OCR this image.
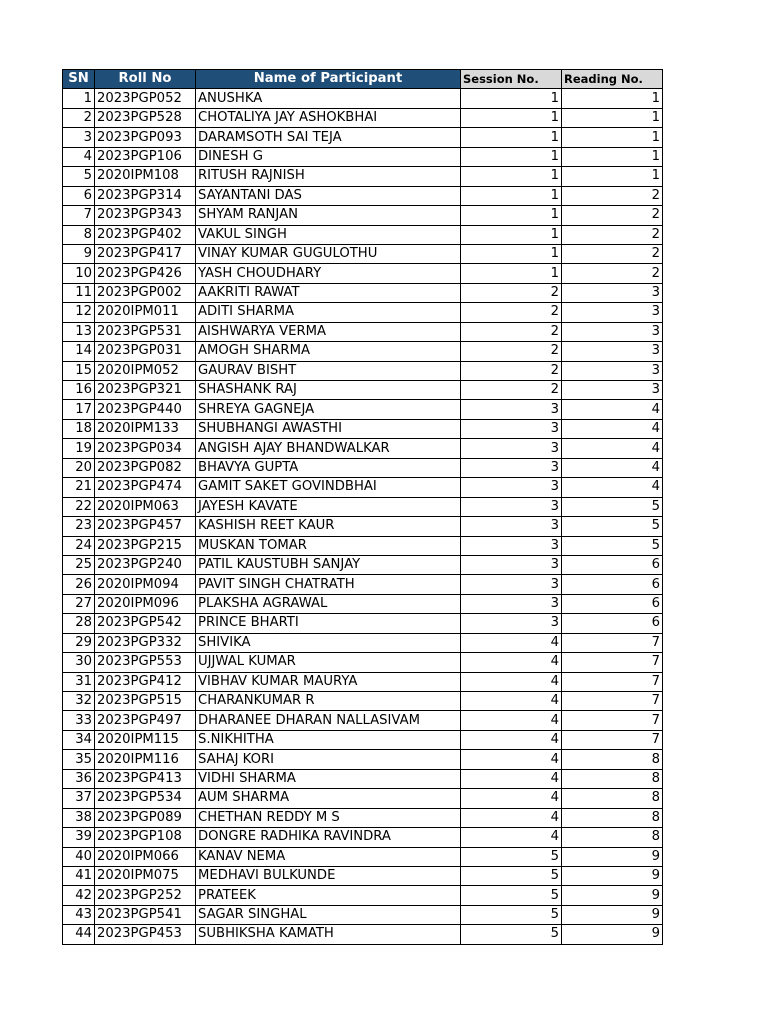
SN	Roll No	Name of Participant	Session No.	Reading No.
1	2023PGP052	ANUSHKA	1	1
2	2023PGP528	CHOTALIYA JAY ASHOKBHAI	1	1
3	2023PGP093	DARAMSOTH SAI TEJA	1	1
4	2023PGP106	DINESH G	1	1
5	2020IPM108	RITUSH RAJNISH	1	1
6	2023PGP314	SAYANTANI DAS	1	2
7	2023PGP343	SHYAM RANJAN	1	2
8	2023PGP402	VAKUL SINGH	1	2
9	2023PGP417	VINAY KUMAR GUGULOTHU	1	2
10	2023PGP426	YASH CHOUDHARY	1	2
11	2023PGP002	AAKRITI RAWAT	2	3
12	2020IPM011	ADITI SHARMA	2	3
13	2023PGP531	AISHWARYA VERMA	2	3
14	2023PGP031	AMOGH SHARMA	2	3
15	2020IPM052	GAURAV BISHT	2	3
16	2023PGP321	SHASHANK RAJ	2	3
17	2023PGP440	SHREYA GAGNEJA	3	4
18	2020IPM133	SHUBHANGI AWASTHI	3	4
19	2023PGP034	ANGISH AJAY BHANDWALKAR	3	4
20	2023PGP082	BHAVYA GUPTA	3	4
21	2023PGP474	GAMIT SAKET GOVINDBHAI	3	4
22	2020IPM063	JAYESH KAVATE	3	5
23	2023PGP457	KASHISH REET KAUR	3	5
24	2023PGP215	MUSKAN TOMAR	3	5
25	2023PGP240	PATIL KAUSTUBH SANJAY	3	6
26	2020IPM094	PAVIT SINGH CHATRATH	3	6
27	2020IPM096	PLAKSHA AGRAWAL	3	6
28	2023PGP542	PRINCE BHARTI	3	6
29	2023PGP332	SHIVIKA	4	7
30	2023PGP553	UJJWAL KUMAR	4	7
31	2023PGP412	VIBHAV KUMAR MAURYA	4	7
32	2023PGP515	CHARANKUMAR R	4	7
33	2023PGP497	DHARANEE DHARAN NALLASIVAM	4	7
34	2020IPM115	S.NIKHITHA	4	7
35	2020IPM116	SAHAJ KORI	4	8
36	2023PGP413	VIDHI SHARMA	4	8
37	2023PGP534	AUM SHARMA	4	8
38	2023PGP089	CHETHAN REDDY M S	4	8
39	2023PGP108	DONGRE RADHIKA RAVINDRA	4	8
40	2020IPM066	KANAV NEMA	5	9
41	2020IPM075	MEDHAVI BULKUNDE	5	9
42	2023PGP252	PRATEEK	5	9
43	2023PGP541	SAGAR SINGHAL	5	9
44	2023PGP453	SUBHIKSHA KAMATH	5	9
